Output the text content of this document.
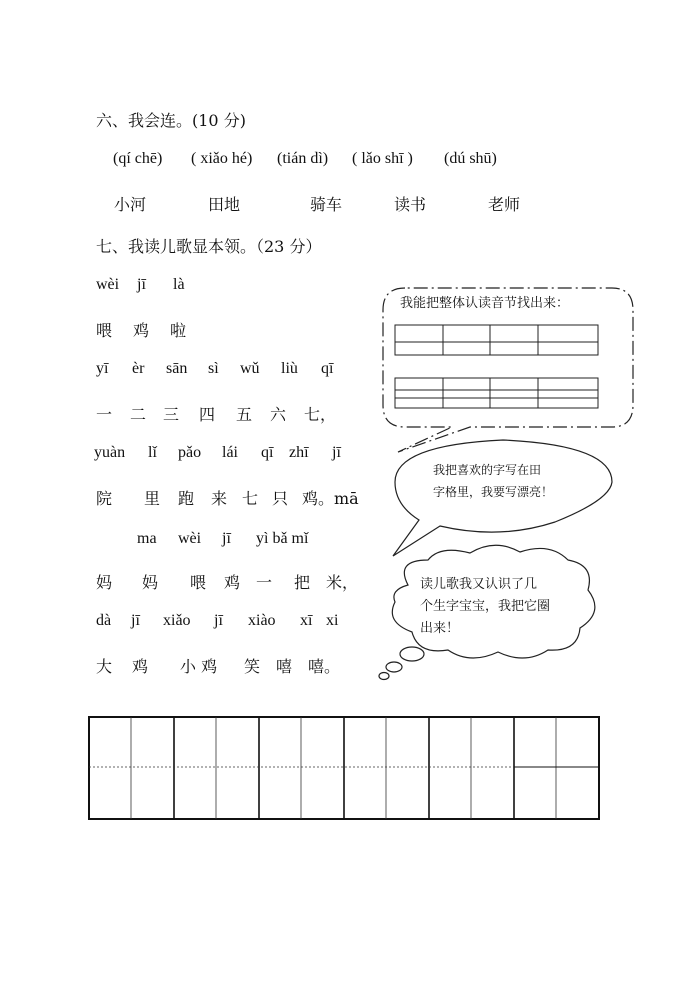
六、我会连。(10 分)
(qí chē) ( xiǎo hé) (tián dì) ( lǎo shī ) (dú shū)
小河	田地	骑车	读书	老师
七、我读儿歌显本领。（23 分）
wèi jī là
喂 鸡 啦
yī èr sān sì wǔ liù qī
一 二 三 四 五 六 七，
yuàn lǐ pǎo lái qī zhī jī
院 里 跑 来 七 只 鸡。mā
ma wèi jī yì bǎ mǐ
妈 妈 喂 鸡 一 把 米，
dà jī xiǎo jī xiào xī xi
大 鸡 小 鸡 笑 嘻 嘻。
我能把整体认读音节找出来：
我把喜欢的字写在田
字格里，我要写漂亮！
读儿歌我又认识了几
个生字宝宝，我把它圈
出来！
